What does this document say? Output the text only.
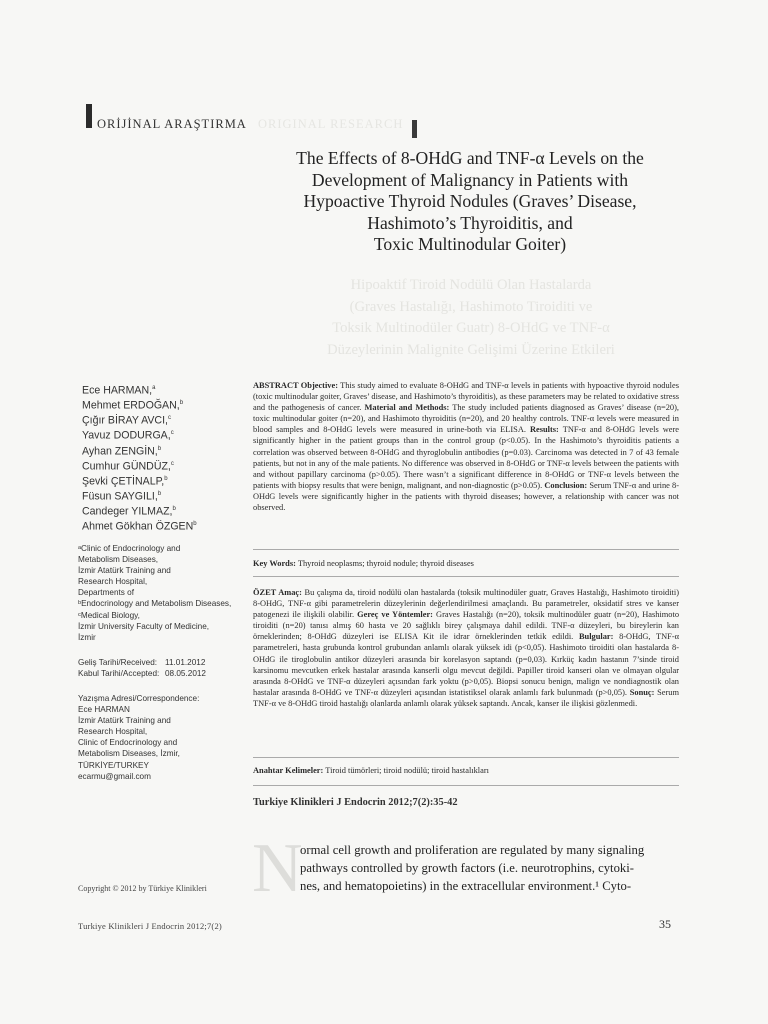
ORİJİNAL ARAŞTIRMA ORIGINAL RESEARCH
The Effects of 8-OHdG and TNF-α Levels on the
Development of Malignancy in Patients with
Hypoactive Thyroid Nodules (Graves’ Disease,
Hashimoto’s Thyroiditis, and
Toxic Multinodular Goiter)
Hipoaktif Tiroid Nodülü Olan Hastalarda
(Graves Hastalığı, Hashimoto Tiroiditi ve
Toksik Multinodüler Guatr) 8-OHdG ve TNF-α
Düzeylerinin Malignite Gelişimi Üzerine Etkileri
Ece HARMAN,$^a$
Mehmet ERDOĞAN,$^b$
Çığır BİRAY AVCI,$^c$
Yavuz DODURGA,$^c$
Ayhan ZENGİN,$^b$
Cumhur GÜNDÜZ,$^c$
Şevki ÇETİNALP,$^b$
Füsun SAYGILI,$^b$
Candeger YILMAZ,$^b$
Ahmet Gökhan ÖZGEN$^b$
ᵃClinic of Endocrinology and
Metabolism Diseases,
İzmir Atatürk Training and
Research Hospital,
Departments of
ᵇEndocrinology and Metabolism Diseases,
ᶜMedical Biology,
İzmir University Faculty of Medicine,
İzmir
Geliş Tarihi/Received: 11.01.2012
Kabul Tarihi/Accepted: 08.05.2012
Yazışma Adresi/Correspondence:
Ece HARMAN
İzmir Atatürk Training and
Research Hospital,
Clinic of Endocrinology and
Metabolism Diseases, İzmir,
TÜRKİYE/TURKEY
ecarmu@gmail.com
ABSTRACT Objective: This study aimed to evaluate 8-OHdG and TNF-α levels in patients with hypoactive thyroid nodules (toxic multinodular goiter, Graves’ disease, and Hashimoto’s thyroiditis), as these parameters may be related to oxidative stress and the pathogenesis of cancer. Material and Methods: The study included patients diagnosed as Graves’ disease (n=20), toxic multinodular goiter (n=20), and Hashimoto thyroiditis (n=20), and 20 healthy controls. TNF-α levels were measured in blood samples and 8-OHdG levels were measured in urine-both via ELISA. Results: TNF-α and 8-OHdG levels were significantly higher in the patient groups than in the control group (p<0.05). In the Hashimoto’s thyroiditis patients a correlation was observed between 8-OHdG and thyroglobulin antibodies (p=0.03). Carcinoma was detected in 7 of 43 female patients, but not in any of the male patients. No difference was observed in 8-OHdG or TNF-α levels between the patients with and without papillary carcinoma (p>0.05). There wasn’t a significant difference in 8-OHdG or TNF-α levels between the patients with biopsy results that were benign, malignant, and non-diagnostic (p>0.05). Conclusion: Serum TNF-α and urine 8-OHdG levels were significantly higher in the patients with thyroid diseases; however, a relationship with cancer was not observed.
Key Words: Thyroid neoplasms; thyroid nodule; thyroid diseases
ÖZET Amaç: Bu çalışma da, tiroid nodülü olan hastalarda (toksik multinodüler guatr, Graves Hastalığı, Hashimoto tiroiditi) 8-OHdG, TNF-α gibi parametrelerin düzeylerinin değerlendirilmesi amaçlandı. Bu parametreler, oksidatif stres ve kanser patogenezi ile ilişkili olabilir. Gereç ve Yöntemler: Graves Hastalığı (n=20), toksik multinodüler guatr (n=20), Hashimoto tiroiditi (n=20) tanısı almış 60 hasta ve 20 sağlıklı birey çalışmaya dahil edildi. TNF-α düzeyleri, bu bireylerin kan örneklerinden; 8-OHdG düzeyleri ise ELISA Kit ile idrar örneklerinden tetkik edildi. Bulgular: 8-OHdG, TNF-α parametreleri, hasta grubunda kontrol grubundan anlamlı olarak yüksek idi (p<0,05). Hashimoto tiroiditi olan hastalarda 8-OHdG ile tiroglobulin antikor düzeyleri arasında bir korelasyon saptandı (p=0,03). Kırküç kadın hastanın 7’sinde tiroid karsinomu mevcutken erkek hastalar arasında kanserli olgu mevcut değildi. Papiller tiroid kanseri olan ve olmayan olgular arasında 8-OHdG ve TNF-α düzeyleri açısından fark yoktu (p>0,05). Biopsi sonucu benign, malign ve nondiagnostik olan hastalar arasında 8-OHdG ve TNF-α düzeyleri açısından istatistiksel olarak anlamlı fark bulunmadı (p>0,05). Sonuç: Serum TNF-α ve 8-OHdG tiroid hastalığı olanlarda anlamlı olarak yüksek saptandı. Ancak, kanser ile ilişkisi gözlenmedi.
Anahtar Kelimeler: Tiroid tümörleri; tiroid nodülü; tiroid hastalıkları
Turkiye Klinikleri J Endocrin 2012;7(2):35-42
N
ormal cell growth and proliferation are regulated by many signaling
pathways controlled by growth factors (i.e. neurotrophins, cytoki-
nes, and hematopoietins) in the extracellular environment.¹ Cyto-
Copyright © 2012 by Türkiye Klinikleri
Turkiye Klinikleri J Endocrin 2012;7(2)	35
